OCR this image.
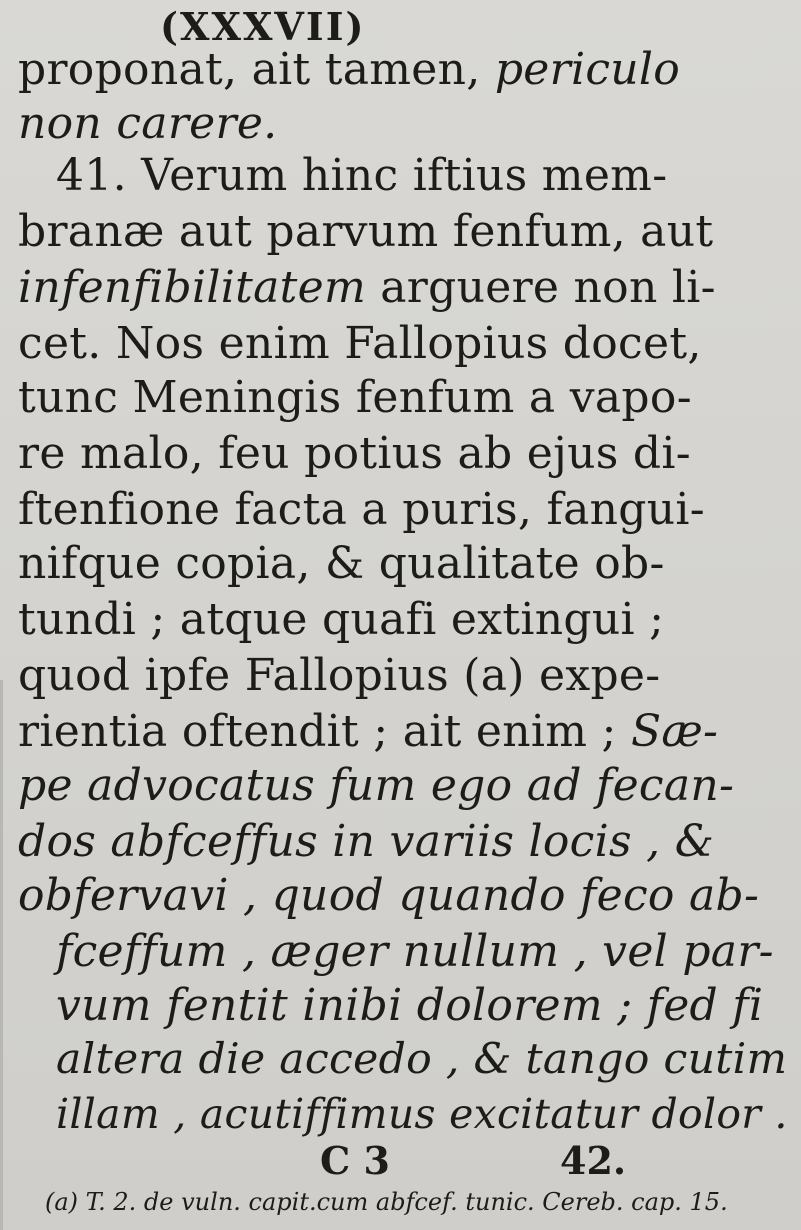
(XXXVII)
proponat, ait tamen, periculo
non carere.
41. Verum hinc iftius mem-
branæ aut parvum fenfum, aut
infenfibilitatem arguere non li-
cet. Nos enim Fallopius docet,
tunc Meningis fenfum a vapo-
re malo, feu potius ab ejus di-
ftenfione facta a puris, fangui-
nifque copia, & qualitate ob-
tundi ; atque quafi extingui ;
quod ipfe Fallopius (a) expe-
rientia oftendit ; ait enim ; Sæ-
pe advocatus fum ego ad fecan-
dos abfceffus in variis locis , &
obfervavi , quod quando feco ab-
fceffum , æger nullum , vel par-
vum fentit inibi dolorem ; fed fi
altera die accedo , & tango cutim
illam , acutiffimus excitatur dolor .
C 3	42.
(a) T. 2. de vuln. capit.cum abfcef. tunic. Cereb. cap. 15.
